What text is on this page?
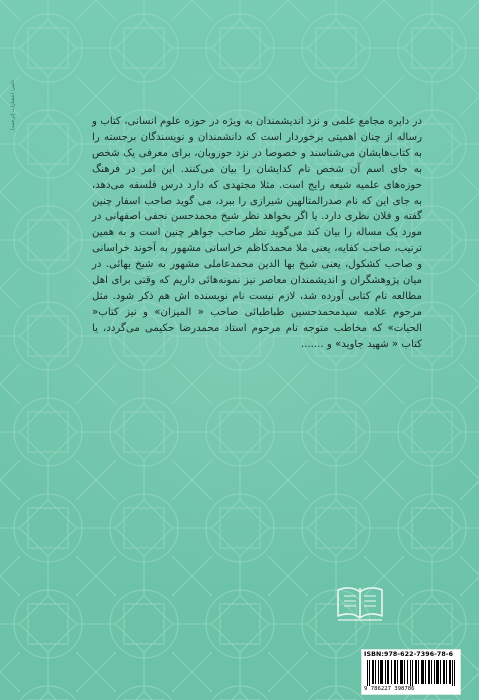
ناشر: انتشارات (ترجمه)	در دایره مجامع علمی و نزد اندیشمندان به ویژه در حوزه علوم انسانی، کتاب و رساله از چنان اهمیتی برخوردار است که دانشمندان و نویسندگان برجسته را به کتاب‌هایشان می‌شناسند و خصوصا در نزد حوزویان، برای معرفی یک شخص به جای اسم آن شخص نام کدایشان را بیان می‌کنند. این امر در فرهنگ حوزه‌های علمیه شیعه رایج است. مثلا مجتهدی که دارد درس فلسفه می‌دهد، به جای این که نام صدرالمتالهین شیرازی را ببرد، می گوید صاحب اسفار چنین گفته و فلان نظری دارد. یا اگر بخواهد نظر شیخ محمدحسن نجفی اصفهانی در مورد یک مساله را بیان کند می‌گوید نظر صاحب جواهر چنین است و به همین ترتیب، صاحب کفایه، یعنی ملا محمدکاظم خراسانی مشهور به آخوند خراسانی و صاحب کشکول، یعنی شیخ بها الدین محمدعاملی مشهور به شیخ بهائی. در میان پژوهشگران و اندیشمندان معاصر نیز نمونه‌هائی داریم که وقتی برای اهل مطالعه نام کتابی آورده شد، لازم نیست نام نویسنده اش هم ذکر شود. مثل مرحوم علامه سیدمحمدحسین طباطبائی صاحب « المیزان» و نیز کتاب« الحیات» که مخاطب متوجه نام مرحوم استاد محمدرضا حکیمی می‌گردد، یا کتاب « شهید جاوید» و .......

ISBN:978-622-7396-78-6
9 786227 398786
